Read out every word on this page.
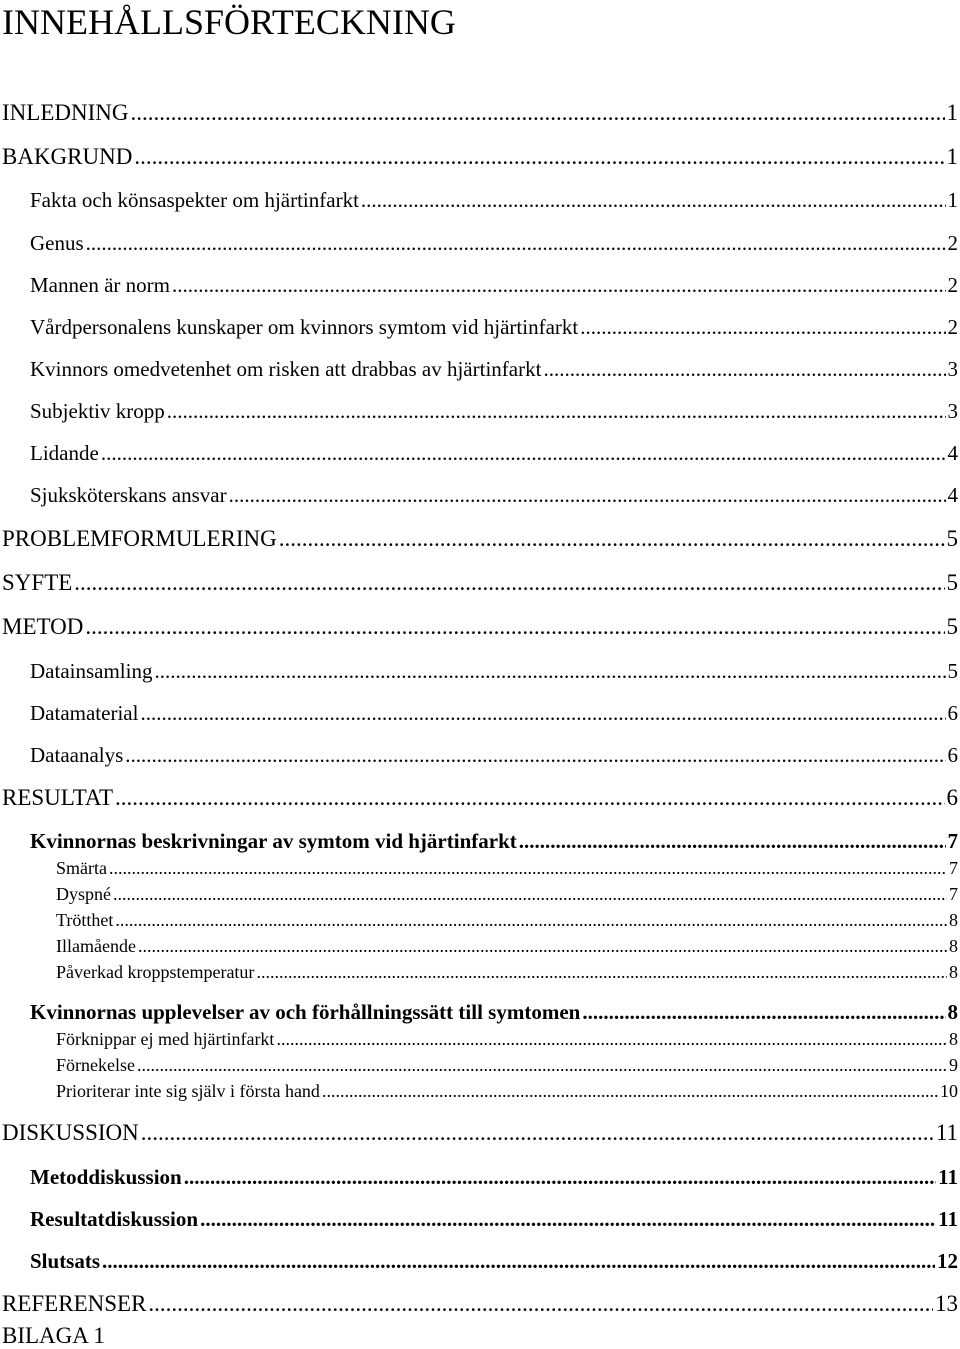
INNEHÅLLSFÖRTECKNING
INLEDNING .....	1
BAKGRUND .....	1
Fakta och könsaspekter om hjärtinfarkt .....	1
Genus .....	2
Mannen är norm .....	2
Vårdpersonalens kunskaper om kvinnors symtom vid hjärtinfarkt .....	2
Kvinnors omedvetenhet om risken att drabbas av hjärtinfarkt .....	3
Subjektiv kropp .....	3
Lidande .....	4
Sjuksköterskans ansvar .....	4
PROBLEMFORMULERING .....	5
SYFTE .....	5
METOD .....	5
Datainsamling .....	5
Datamaterial .....	6
Dataanalys .....	6
RESULTAT .....	6
Kvinnornas beskrivningar av symtom vid hjärtinfarkt .....	7
Smärta .....	7
Dyspné .....	7
Trötthet .....	8
Illamående .....	8
Påverkad kroppstemperatur .....	8
Kvinnornas upplevelser av och förhållningssätt till symtomen .....	8
Förknippar ej med hjärtinfarkt .....	8
Förnekelse .....	9
Prioriterar inte sig själv i första hand .....	10
DISKUSSION .....	11
Metoddiskussion .....	11
Resultatdiskussion .....	11
Slutsats .....	12
REFERENSER .....	13
BILAGA 1
